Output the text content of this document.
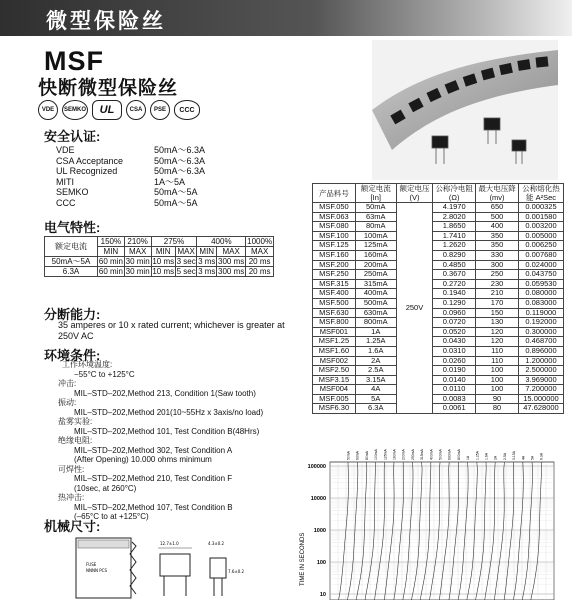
微型保险丝
MSF
快断微型保险丝
VDE	SEMKO	UL	CSA	PSE	CCC
安全认证:
VDE	50mA～6.3A
CSA Acceptance	50mA～6.3A
UL Recognized	50mA～6.3A
MITI	1A～5A
SEMKO	50mA～5A
CCC	50mA～5A
电气特性:
额定电流	150%	210%	275%		400%		1000%
	MIN	MAX	MIN	MAX	MIN	MAX	MAX
50mA～5A	60 min	30 min	10 ms	3 sec	3 ms	300 ms	20 ms
6.3A	60 min	30 min	10 ms	5 sec	3 ms	300 ms	20 ms
分断能力:
35 amperes or 10 x rated current; whichever is greater at 250V AC
环境条件:
工作环境温度:
−55°C to +125°C
冲击:
MIL–STD–202,Method 213, Condition 1(Saw tooth)
振动:
MIL–STD–202,Method 201(10~55Hz x 3axis/no load)
盐雾实验:
MIL–STD–202,Method 101, Test Condition B(48Hrs)
绝缘电阻:
MIL–STD–202,Method 302, Test Condition A
(After Opening) 10.000 ohms minimum
可焊性:
MIL–STD–202,Method 210, Test Condition F
(10sec, at 260°C)
热冲击:
MIL–STD–202,Method 107, Test Condition B
(–65°C to at +125°C)
机械尺寸:
FUSE
NNNN PCS
12.7±1.0	4.3±0.2
7.6±0.2
产品料号	额定电流 [In]	额定电压 (V)	公称冷电阻 (Ω)	最大电压降 (mv)	公称熔化热能 A²Sec
MSF.050	50mA	250V	4.1970	650	0.000325
MSF.063	63mA		2.8020	500	0.001580
MSF.080	80mA		1.8650	400	0.003200
MSF.100	100mA		1.7410	350	0.005000
MSF.125	125mA		1.2620	350	0.006250
MSF.160	160mA		0.8290	330	0.007680
MSF.200	200mA		0.4850	300	0.024000
MSF.250	250mA		0.3670	250	0.043750
MSF.315	315mA		0.2720	230	0.059530
MSF.400	400mA		0.1940	210	0.080000
MSF.500	500mA		0.1290	170	0.083000
MSF.630	630mA		0.0960	150	0.119000
MSF.800	800mA		0.0720	130	0.192000
MSF001	1A		0.0520	120	0.300000
MSF1.25	1.25A		0.0430	120	0.468700
MSF1.60	1.6A		0.0310	110	0.896000
MSF002	2A		0.0260	110	1.200000
MSF2.50	2.5A		0.0190	100	2.500000
MSF3.15	3.15A		0.0140	100	3.969000
MSF004	4A		0.0110	100	7.200000
MSF.005	5A		0.0083	90	15.000000
MSF6.30	6.3A		0.0061	80	47.628000
100000
10000
1000
100
10
TIME IN SECONDS
50mA 63mA 80mA 100mA 125mA 160mA 200mA 250mA 315mA 400mA 500mA 630mA 800mA 1A 1.25A 1.6A 2A 2.5A 3.15A 4A 5A 6.3A
